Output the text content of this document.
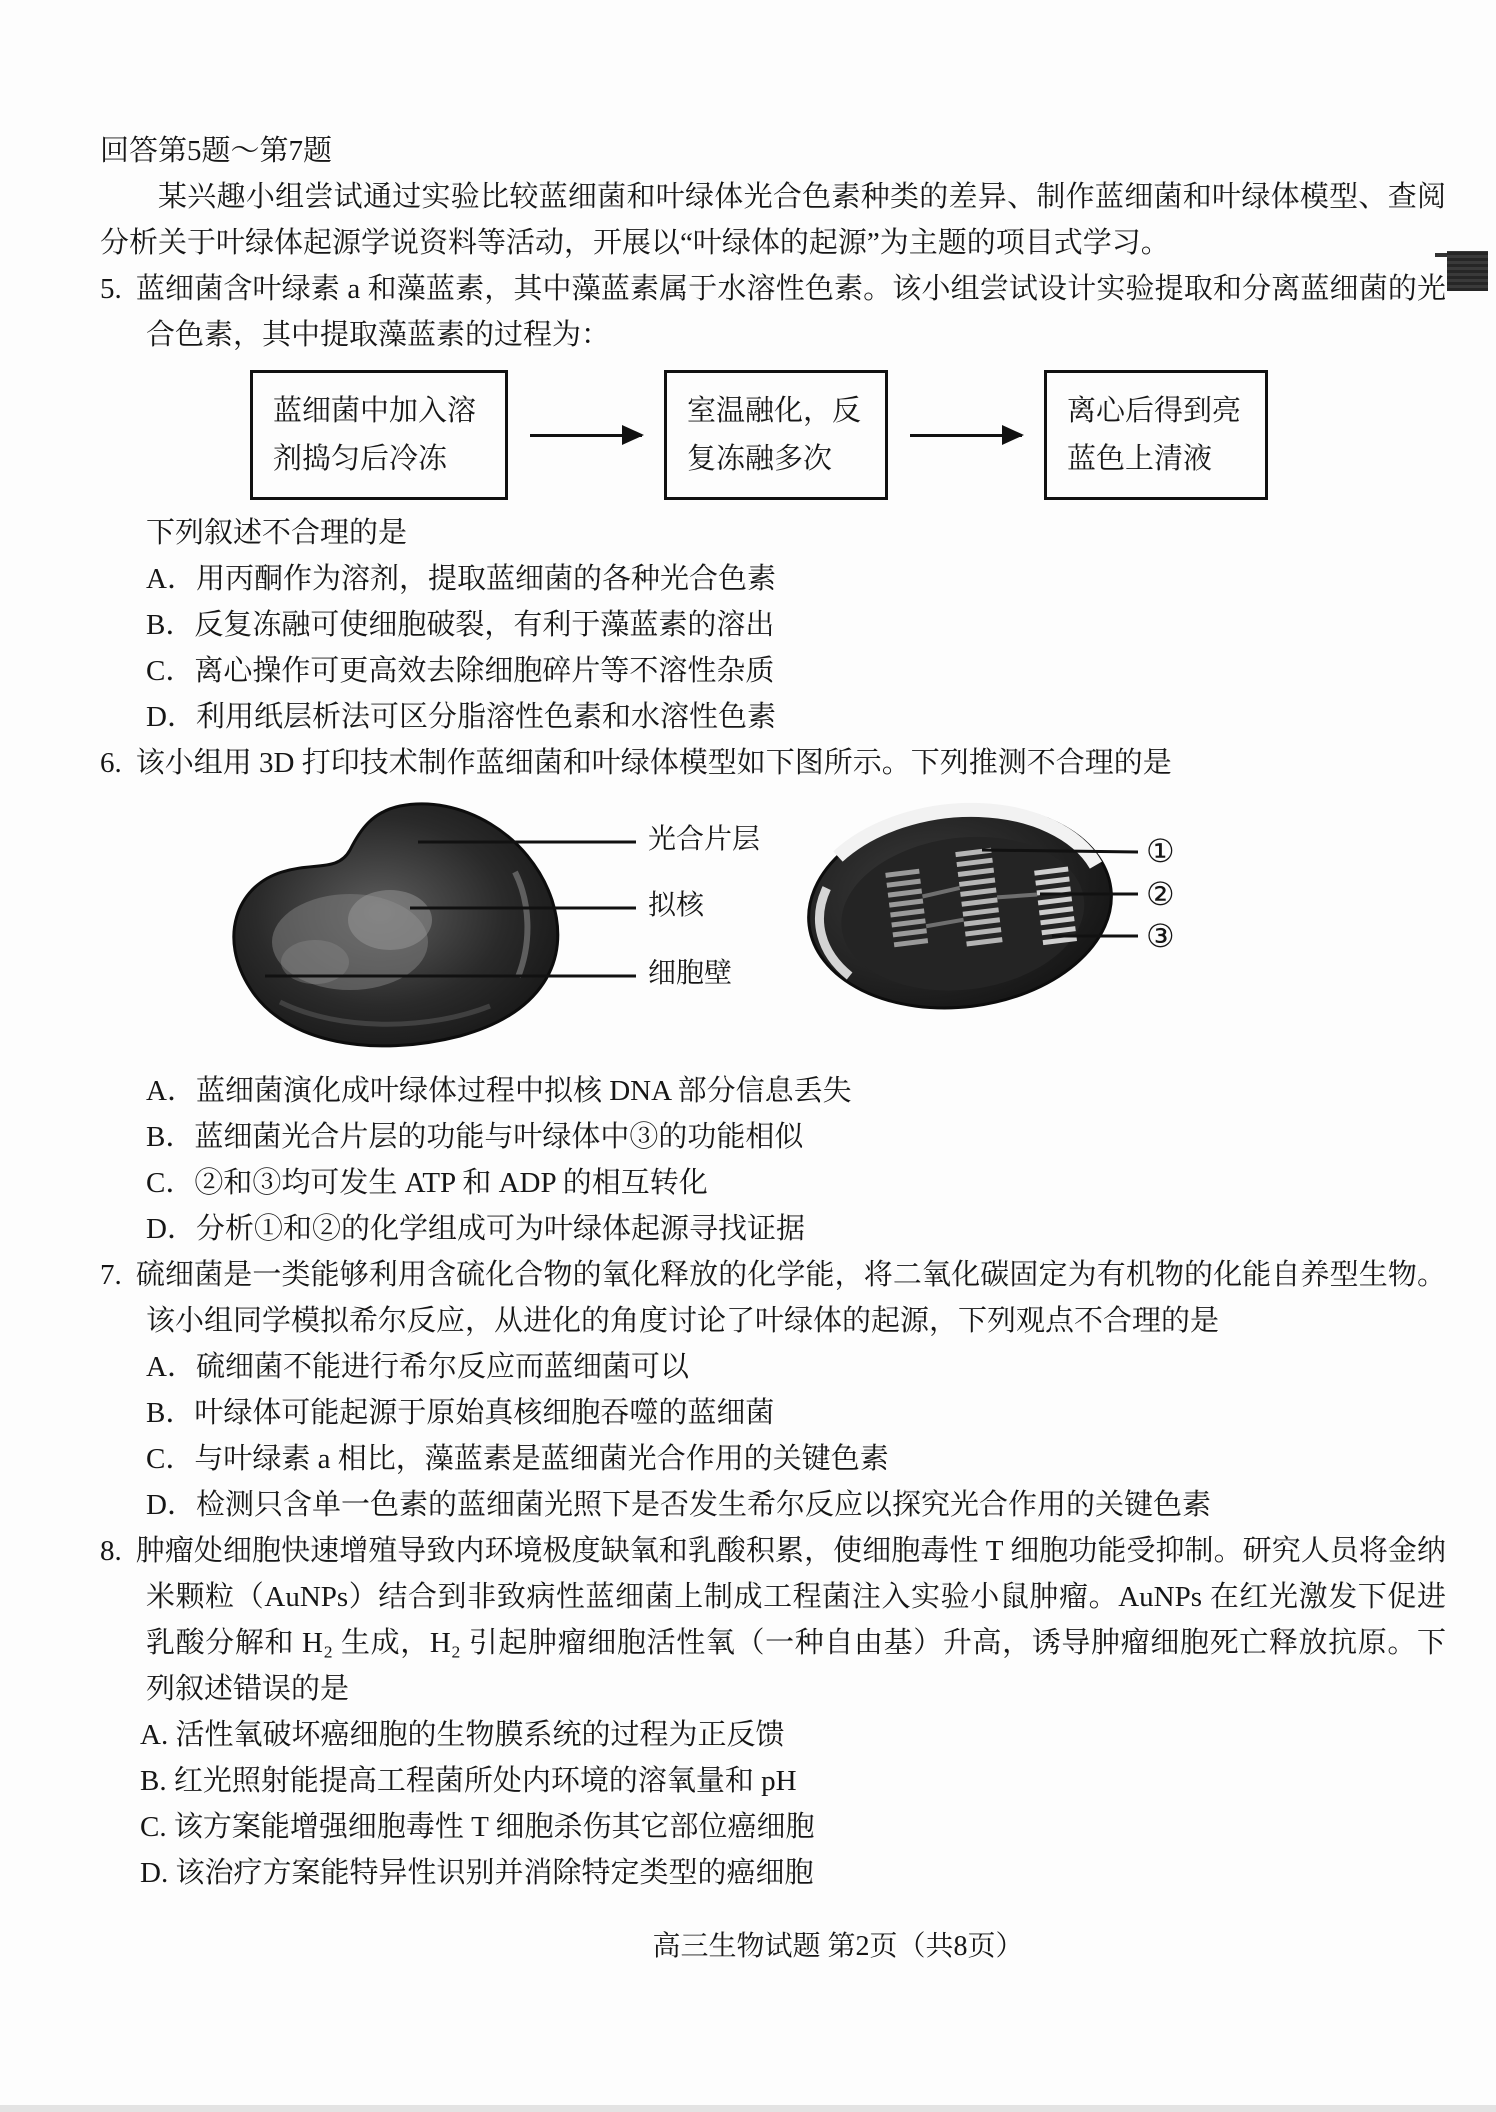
回答第5题～第7题

某兴趣小组尝试通过实验比较蓝细菌和叶绿体光合色素种类的差异、制作蓝细菌和叶绿体模型、查阅分析关于叶绿体起源学说资料等活动，开展以“叶绿体的起源”为主题的项目式学习。

5. 蓝细菌含叶绿素 a 和藻蓝素，其中藻蓝素属于水溶性色素。该小组尝试设计实验提取和分离蓝细菌的光合色素，其中提取藻蓝素的过程为：

蓝细菌中加入溶剂捣匀后冷冻
室温融化，反复冻融多次
离心后得到亮蓝色上清液

下列叙述不合理的是

A．用丙酮作为溶剂，提取蓝细菌的各种光合色素

B．反复冻融可使细胞破裂，有利于藻蓝素的溶出

C．离心操作可更高效去除细胞碎片等不溶性杂质

D．利用纸层析法可区分脂溶性色素和水溶性色素

6. 该小组用 3D 打印技术制作蓝细菌和叶绿体模型如下图所示。下列推测不合理的是

光合片层
拟核
细胞壁
①
②
③

A．蓝细菌演化成叶绿体过程中拟核 DNA 部分信息丢失

B．蓝细菌光合片层的功能与叶绿体中③的功能相似

C．②和③均可发生 ATP 和 ADP 的相互转化

D．分析①和②的化学组成可为叶绿体起源寻找证据

7. 硫细菌是一类能够利用含硫化合物的氧化释放的化学能，将二氧化碳固定为有机物的化能自养型生物。该小组同学模拟希尔反应，从进化的角度讨论了叶绿体的起源，下列观点不合理的是

A．硫细菌不能进行希尔反应而蓝细菌可以

B．叶绿体可能起源于原始真核细胞吞噬的蓝细菌

C．与叶绿素 a 相比，藻蓝素是蓝细菌光合作用的关键色素

D．检测只含单一色素的蓝细菌光照下是否发生希尔反应以探究光合作用的关键色素

8. 肿瘤处细胞快速增殖导致内环境极度缺氧和乳酸积累，使细胞毒性 T 细胞功能受抑制。研究人员将金纳米颗粒（AuNPs）结合到非致病性蓝细菌上制成工程菌注入实验小鼠肿瘤。AuNPs 在红光激发下促进乳酸分解和 H₂ 生成，H₂ 引起肿瘤细胞活性氧（一种自由基）升高，诱导肿瘤细胞死亡释放抗原。下列叙述错误的是

A. 活性氧破坏癌细胞的生物膜系统的过程为正反馈

B. 红光照射能提高工程菌所处内环境的溶氧量和 pH

C. 该方案能增强细胞毒性 T 细胞杀伤其它部位癌细胞

D. 该治疗方案能特异性识别并消除特定类型的癌细胞

高三生物试题 第2页（共8页）
